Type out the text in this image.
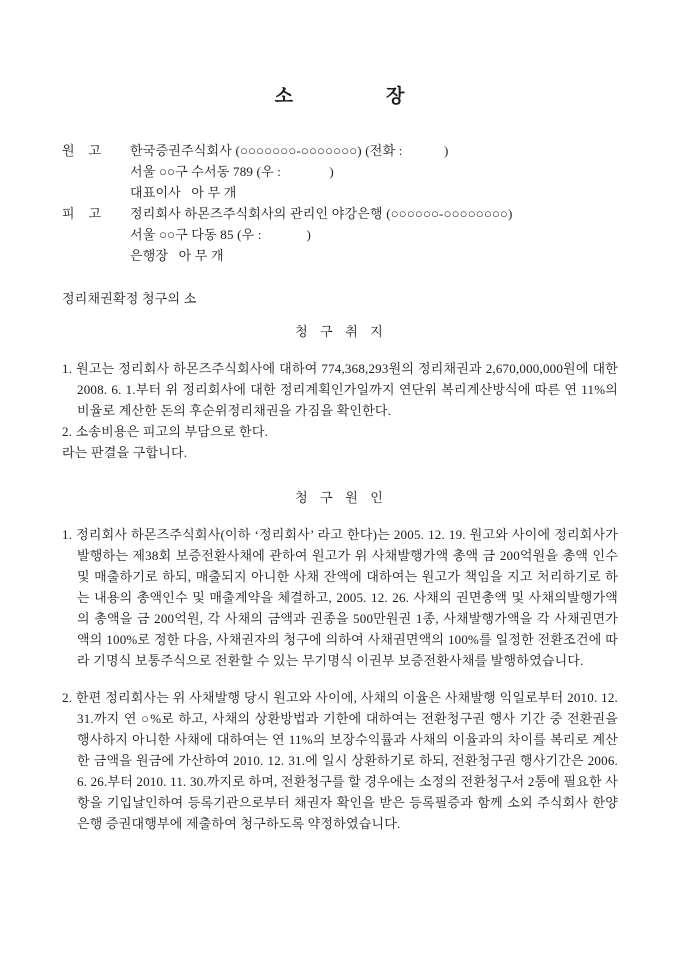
소                장
원    고	한국증권주식회사 (○○○○○○○-○○○○○○○) (전화 :            )
서울 ○○구 수서동 789 (우 :              )
대표이사   아 무 개
피    고	정리회사 하몬즈주식회사의 관리인 야강은행 (○○○○○○-○○○○○○○○)
서울 ○○구 다동 85 (우 :             )
은행장   아 무 개

정리채권확정 청구의 소

청  구  취  지

1. 원고는 정리회사 하몬즈주식회사에 대하여 774,368,293원의 정리채권과 2,670,000,000원에 대한 2008. 6. 1.부터 위 정리회사에 대한 정리계획인가일까지 연단위 복리계산방식에 따른 연 11%의 비율로 계산한 돈의 후순위정리채권을 가짐을 확인한다.

2. 소송비용은 피고의 부담으로 한다.

라는 판결을 구합니다.

청  구  원  인

1. 정리회사 하몬즈주식회사(이하 ‘정리회사’ 라고 한다)는 2005. 12. 19. 원고와 사이에 정리회사가 발행하는 제38회 보증전환사채에 관하여 원고가 위 사채발행가액 총액 금 200억원을 총액 인수 및 매출하기로 하되, 매출되지 아니한 사채 잔액에 대하여는 원고가 책임을 지고 처리하기로 하는 내용의 총액인수 및 매출계약을 체결하고, 2005. 12. 26. 사채의 권면총액 및 사채의발행가액의 총액을 금 200억원, 각 사채의 금액과 권종을 500만원권 1종, 사채발행가액을 각 사채권면가액의 100%로 정한 다음, 사채권자의 청구에 의하여 사채권면액의 100%를 일정한 전환조건에 따라 기명식 보통주식으로 전환할 수 있는 무기명식 이권부 보증전환사채를 발행하였습니다.

2. 한편 정리회사는 위 사채발행 당시 원고와 사이에, 사채의 이율은 사채발행 익일로부터 2010. 12. 31.까지 연 ○%로 하고, 사채의 상환방법과 기한에 대하여는 전환청구권 행사 기간 중 전환권을 행사하지 아니한 사채에 대하여는 연 11%의 보장수익률과 사채의 이율과의 차이를 복리로 계산한 금액을 원금에 가산하여 2010. 12. 31.에 일시 상환하기로 하되, 전환청구권 행사기간은 2006. 6. 26.부터 2010. 11. 30.까지로 하며, 전환청구를 할 경우에는 소정의 전환청구서 2통에 필요한 사항을 기입날인하여 등록기관으로부터 채권자 확인을 받은 등록필증과 함께 소외 주식회사 한양은행 증권대행부에 제출하여 청구하도록 약정하였습니다.
